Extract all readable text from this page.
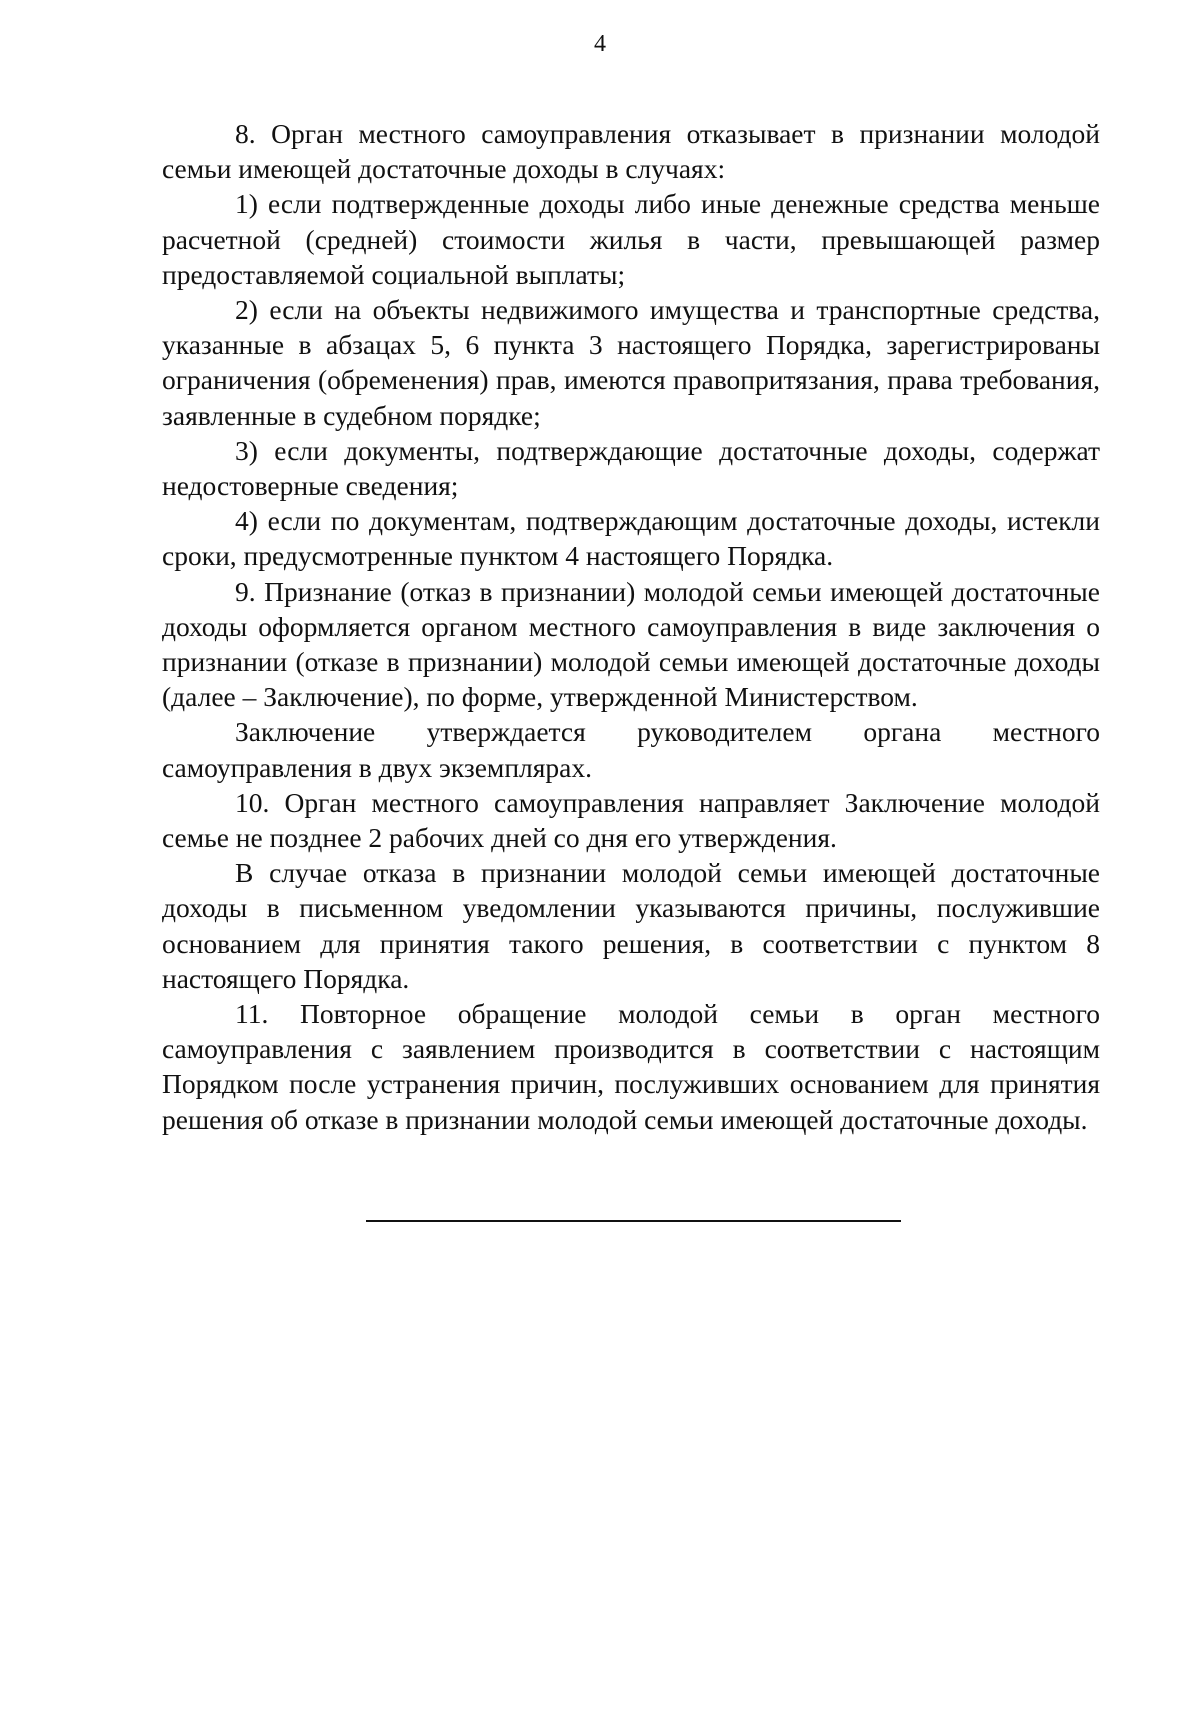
4

8. Орган местного самоуправления отказывает в признании молодой семьи имеющей достаточные доходы в случаях:

1) если подтвержденные доходы либо иные денежные средства меньше расчетной (средней) стоимости жилья в части, превышающей размер предоставляемой социальной выплаты;

2) если на объекты недвижимого имущества и транспортные средства, указанные в абзацах 5, 6 пункта 3 настоящего Порядка, зарегистрированы ограничения (обременения) прав, имеются правопритязания, права требования, заявленные в судебном порядке;

3) если документы, подтверждающие достаточные доходы, содержат недостоверные сведения;

4) если по документам, подтверждающим достаточные доходы, истекли сроки, предусмотренные пунктом 4 настоящего Порядка.

9. Признание (отказ в признании) молодой семьи имеющей достаточные доходы оформляется органом местного самоуправления в виде заключения о признании (отказе в признании) молодой семьи имеющей достаточные доходы (далее – Заключение), по форме, утвержденной Министерством.

Заключение утверждается руководителем органа местного самоуправления в двух экземплярах.

10. Орган местного самоуправления направляет Заключение молодой семье не позднее 2 рабочих дней со дня его утверждения.

В случае отказа в признании молодой семьи имеющей достаточные доходы в письменном уведомлении указываются причины, послужившие основанием для принятия такого решения, в соответствии с пунктом 8 настоящего Порядка.

11. Повторное обращение молодой семьи в орган местного самоуправления с заявлением производится в соответствии с настоящим Порядком после устранения причин, послуживших основанием для принятия решения об отказе в признании молодой семьи имеющей достаточные доходы.
